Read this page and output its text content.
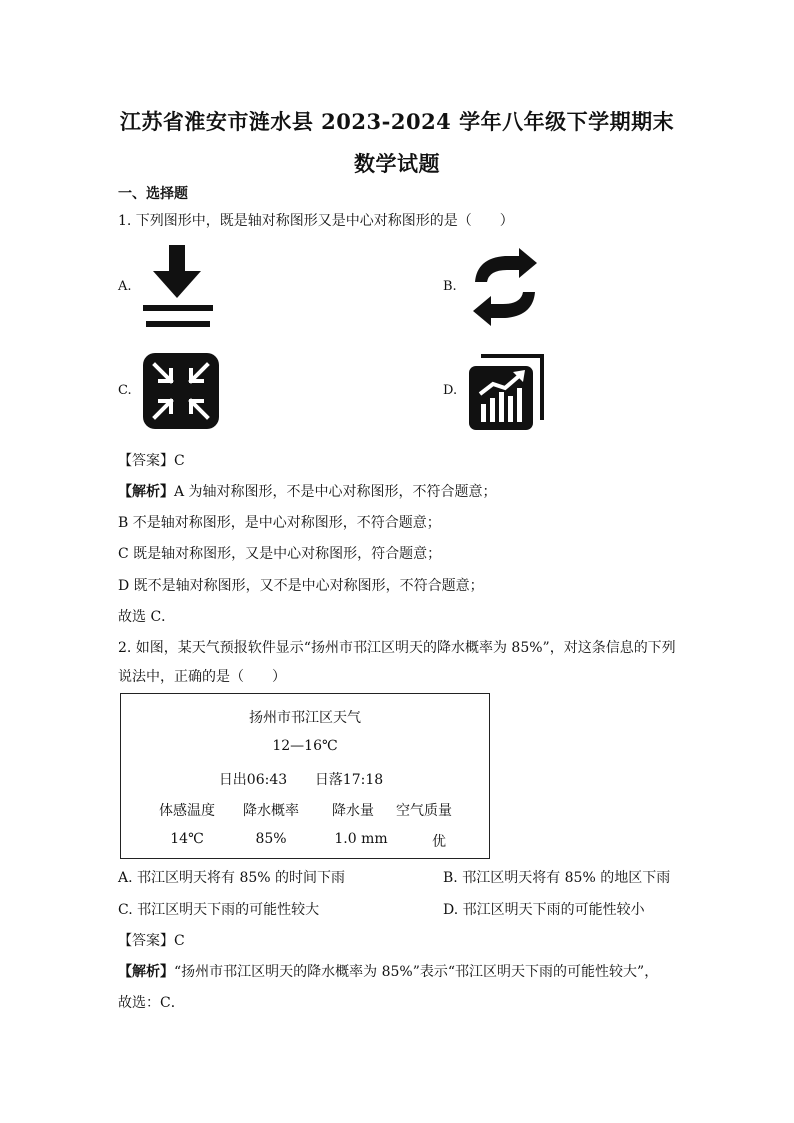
江苏省淮安市涟水县 2023-2024 学年八年级下学期期末
数学试题
一、选择题
1. 下列图形中，既是轴对称图形又是中心对称图形的是（　　）
A.	B.
C.	D.
【答案】C
【解析】A 为轴对称图形，不是中心对称图形，不符合题意；
B 不是轴对称图形，是中心对称图形，不符合题意；
C 既是轴对称图形，又是中心对称图形，符合题意；
D 既不是轴对称图形，又不是中心对称图形，不符合题意；
故选 C．
2. 如图，某天气预报软件显示“扬州市邗江区明天的降水概率为 85%”，对这条信息的下列
说法中，正确的是（　　）
扬州市邗江区天气
12—16℃
日出06:43	日落17:18
体感温度	降水概率	降水量	空气质量
14℃	85%	1.0 mm	优
A. 邗江区明天将有 85% 的时间下雨	B. 邗江区明天将有 85% 的地区下雨
C. 邗江区明天下雨的可能性较大	D. 邗江区明天下雨的可能性较小
【答案】C
【解析】“扬州市邗江区明天的降水概率为 85%”表示“邗江区明天下雨的可能性较大”，
故选：C．
